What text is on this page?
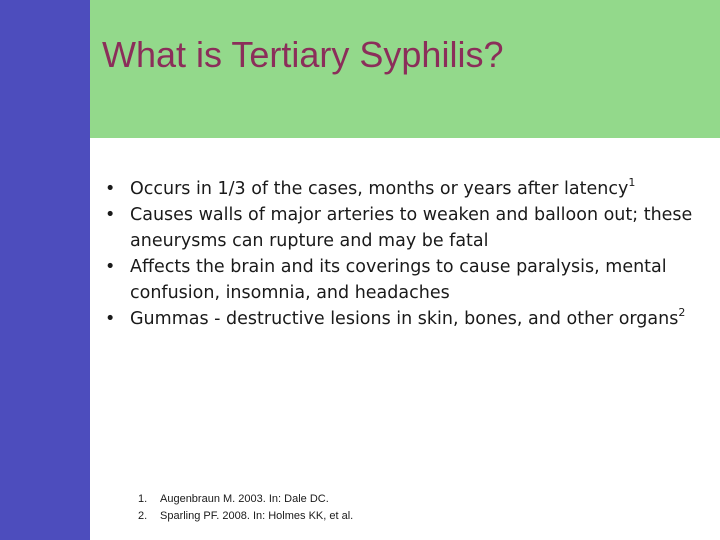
What is Tertiary Syphilis?
• Occurs in 1/3 of the cases, months or years after latency$^1$
• Causes walls of major arteries to weaken and balloon out; these aneurysms can rupture and may be fatal
• Affects the brain and its coverings to cause paralysis, mental confusion, insomnia, and headaches
• Gummas - destructive lesions in skin, bones, and other organs$^2$
1. Augenbraun M. 2003. In: Dale DC.
2. Sparling PF. 2008. In: Holmes KK, et al.
